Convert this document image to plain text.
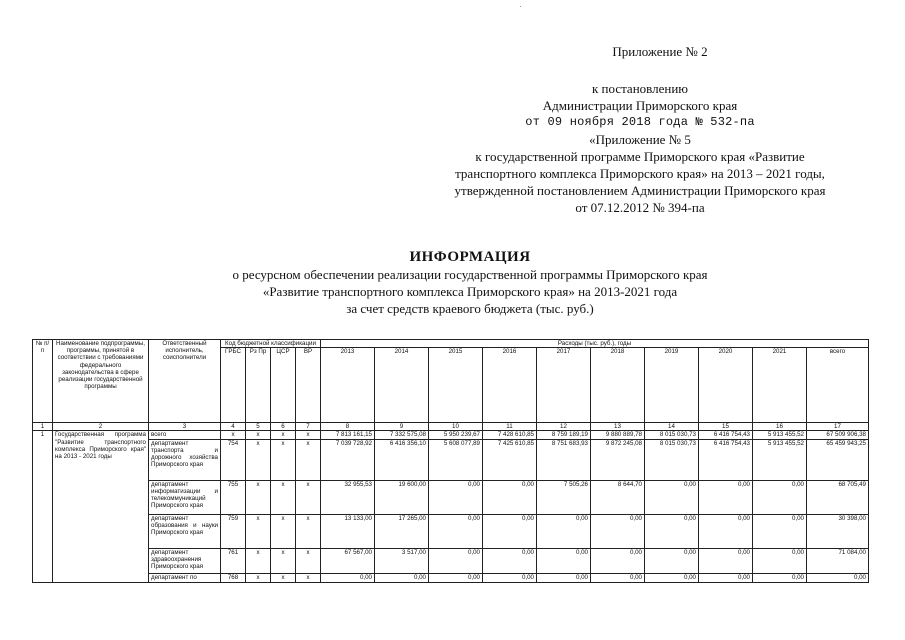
Приложение № 2
к постановлению
Администрации Приморского края
от 09 ноября 2018 года № 532-па
«Приложение № 5
к государственной программе Приморского края «Развитие
транспортного комплекса Приморского края» на 2013 – 2021 годы,
утвержденной постановлением Администрации Приморского края
от 07.12.2012 № 394-па
ИНФОРМАЦИЯ
о ресурсном обеспечении реализации государственной программы Приморского края
«Развитие транспортного комплекса Приморского края» на 2013-2021 года
за счет средств краевого бюджета (тыс. руб.)
№ п/п	Наименование подпрограммы, программы, принятой в соответствии с требованиями федерального законодательства в сфере реализации государственной программы	Ответственный исполнитель, соисполнители	Код бюджетной классификации				Расходы (тыс. руб.), годы									
			ГРБС	Рз Пр	ЦСР	ВР	2013	2014	2015	2016	2017	2018	2019	2020	2021	всего
1	2	3	4	5	6	7	8	9	10	11	12	13	14	15	16	17
1	Государственная программа "Развитие транспортного комплекса Приморского края" на 2013 - 2021 годы	всего	x	x	x	x	7 813 161,15	7 332 575,08	5 950 239,67	7 428 610,85	8 759 189,19	9 880 889,78	8 015 030,73	6 416 754,43	5 913 455,52	67 509 906,38
		департамент транспорта и дорожного хозяйства Приморского края	754	x	x	x	7 039 728,92	6 416 356,10	5 608 077,89	7 425 610,85	8 751 683,93	9 872 245,08	8 015 030,73	6 416 754,43	5 913 455,52	65 459 943,25
		департамент информатизации и телекоммуникаций Приморского края	755	x	x	x	32 955,53	19 600,00	0,00	0,00	7 505,26	8 644,70	0,00	0,00	0,00	68 705,49
		департамент образования и науки Приморского края	759	x	x	x	13 133,00	17 265,00	0,00	0,00	0,00	0,00	0,00	0,00	0,00	30 398,00
		департамент здравоохранения Приморского края	761	x	x	x	67 567,00	3 517,00	0,00	0,00	0,00	0,00	0,00	0,00	0,00	71 084,00
		департамент по	768	x	x	x	0,00	0,00	0,00	0,00	0,00	0,00	0,00	0,00	0,00	0,00
